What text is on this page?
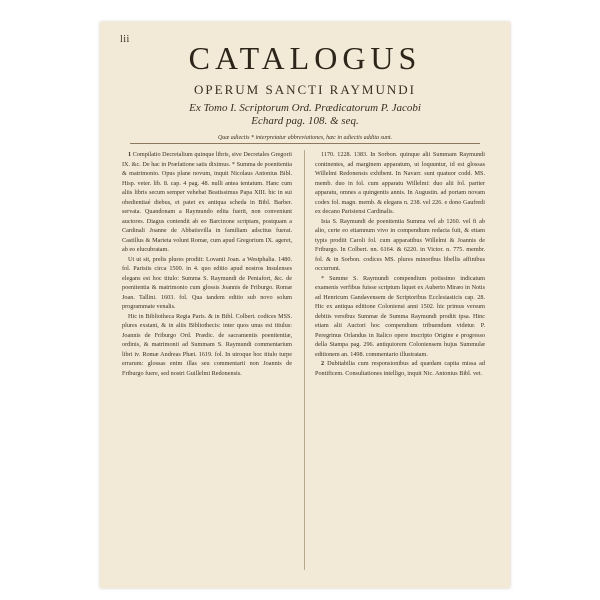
lii
CATALOGUS
OPERUM SANCTI RAYMUNDI
Ex Tomo I. Scriptorum Ord. Prædicatorum P. Jacobi
Echard pag. 108. & seq.
Quæ adiectis * interpretatur abbreviationes, hæc in adiectis addita sunt.

1 Compilatio Decretalium quinque libris, sive Decretales Gregorii IX. &c. De hac in Præfatione satis diximus. * Summa de poenitentia & matrimonio. Opus plane novum, inquit Nicolaus Antonius Bibl. Hisp. veter. lib. 8. cap. 4 pag. 48. nulli antea tentatum. Hanc cum aliis libris secum semper vehebat Beatissimus Papa XIII. hic in sui obedientiaé diebus, et patet ex antiqua scheda in Bibl. Barber. servata. Quandonam a Raymundo edita fuerit, non conveniunt auctores. Diagus contendit ab eo Barcinone scriptam, postquam a Cardinali Joanne de Abbatisvilla in familiam adscitus fuerat. Castillus & Marieta volunt Romæ, cum apud Gregorium IX. ageret, ab eo elucubratam.

Ut ut sit, prelis plures prodiit: Lovanii Joan. a Westphalia. 1480. fol. Parisiis circa 1500. in 4. quo editio apud nostros Insulenses elegans est hoc titulo: Summa S. Raymundi de Peniafort, &c. de poenitentia & matrimonio cum glossis Joannis de Friburgo. Romæ Joan. Tallini. 1603. fol. Qua tandem editio sub novo solum programmate venalis.

Hic in Bibliotheca Regia Paris. & in Bibl. Colbert. codices MSS. plures exstant, & in aliis Bibliothecis: inter quos unus est titulus: Joannis de Friburgo Ord. Prædic. de sacramentis poenitentiæ, ordinis, & matrimonii ad Summam S. Raymundi commentarium libri iv. Romæ Andreas Phæi. 1619. fol. In utroque hoc titulo turpe errarum: glossas enim illas seu commentarii non Joannis de Friburgo fuere, sed nostri Guillelmi Redonensis.

1170. 1228. 1383. In Sorbon. quinque alii Summam Raymundi continentes, ad marginem apparatum, ut loquuntur, id est glossas Willelmi Redonensis exhibent. In Navarr. sunt quatuor codd. MS. memb. duo in fol. cum apparatu Willelmi: duo alii fol. pariter apparatu, omnes a quingentis annis. In Augustin. ad portam novam codex fol. magn. memb. & elegans n. 238. vel 226. e dono Gaufredi ex decano Parisiensi Cardinalis.

Ista S. Raymundi de poenitentia Summa vel ab 1260. vel fi ab alio, certe eo etiamnum vivo in compendium redacta fuit, & etiam typis prodiit Caroli fol. cum apparatibus Willelmi & Joannis de Friburgo. In Colbert. nn. 6164. & 6220. in Victor. n. 775. membr. fol. & in Sorbon. codices MS. plures minoribus libellis affinibus occurrunt.

* Summe S. Raymundi compendium potissimo indicatum examenis verfibus fuisse scriptum liquet ex Auberto Miræo in Notis ad Henricum Gandavensem de Scriptoribus Ecclesiasticis cap. 28. Hic ex antiqua editione Coloniensi anni 1502. hic primus versum debitis versibus Summæ de Summa Raymundi prodiit ipsa. Hinc etiam alii Auctori hoc compendium tribuendum videtur. P. Peregrinus Orlandus in Italico opere inscripto Origine e progresso della Stampa pag. 296. antiquiorem Coloniensem hujus Summulæ editionem an. 1498. commentario illustratam.

2 Dubitabilia cum responsionibus ad quædam capita missa ad Pontificem. Consultationes intelligo, inquit Nic. Antonius Bibl. vet.
